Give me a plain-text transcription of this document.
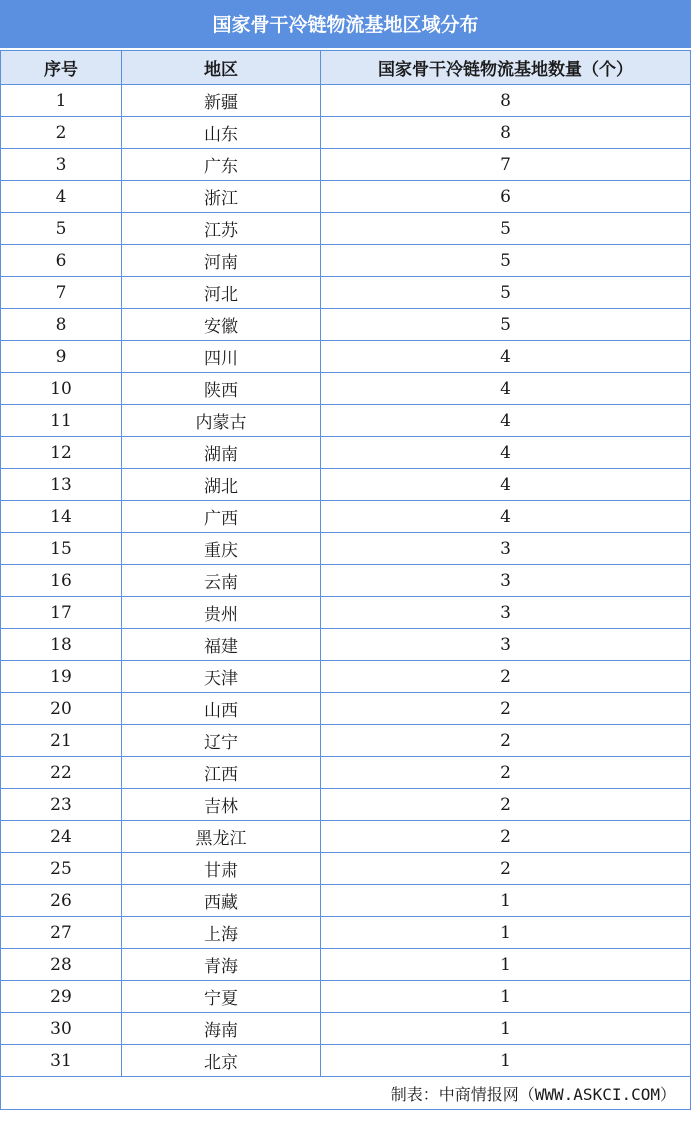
国家骨干冷链物流基地区域分布
序号	地区	国家骨干冷链物流基地数量（个）
1	新疆	8
2	山东	8
3	广东	7
4	浙江	6
5	江苏	5
6	河南	5
7	河北	5
8	安徽	5
9	四川	4
10	陕西	4
11	内蒙古	4
12	湖南	4
13	湖北	4
14	广西	4
15	重庆	3
16	云南	3
17	贵州	3
18	福建	3
19	天津	2
20	山西	2
21	辽宁	2
22	江西	2
23	吉林	2
24	黑龙江	2
25	甘肃	2
26	西藏	1
27	上海	1
28	青海	1
29	宁夏	1
30	海南	1
31	北京	1
制表：中商情报网（WWW.ASKCI.COM）		
